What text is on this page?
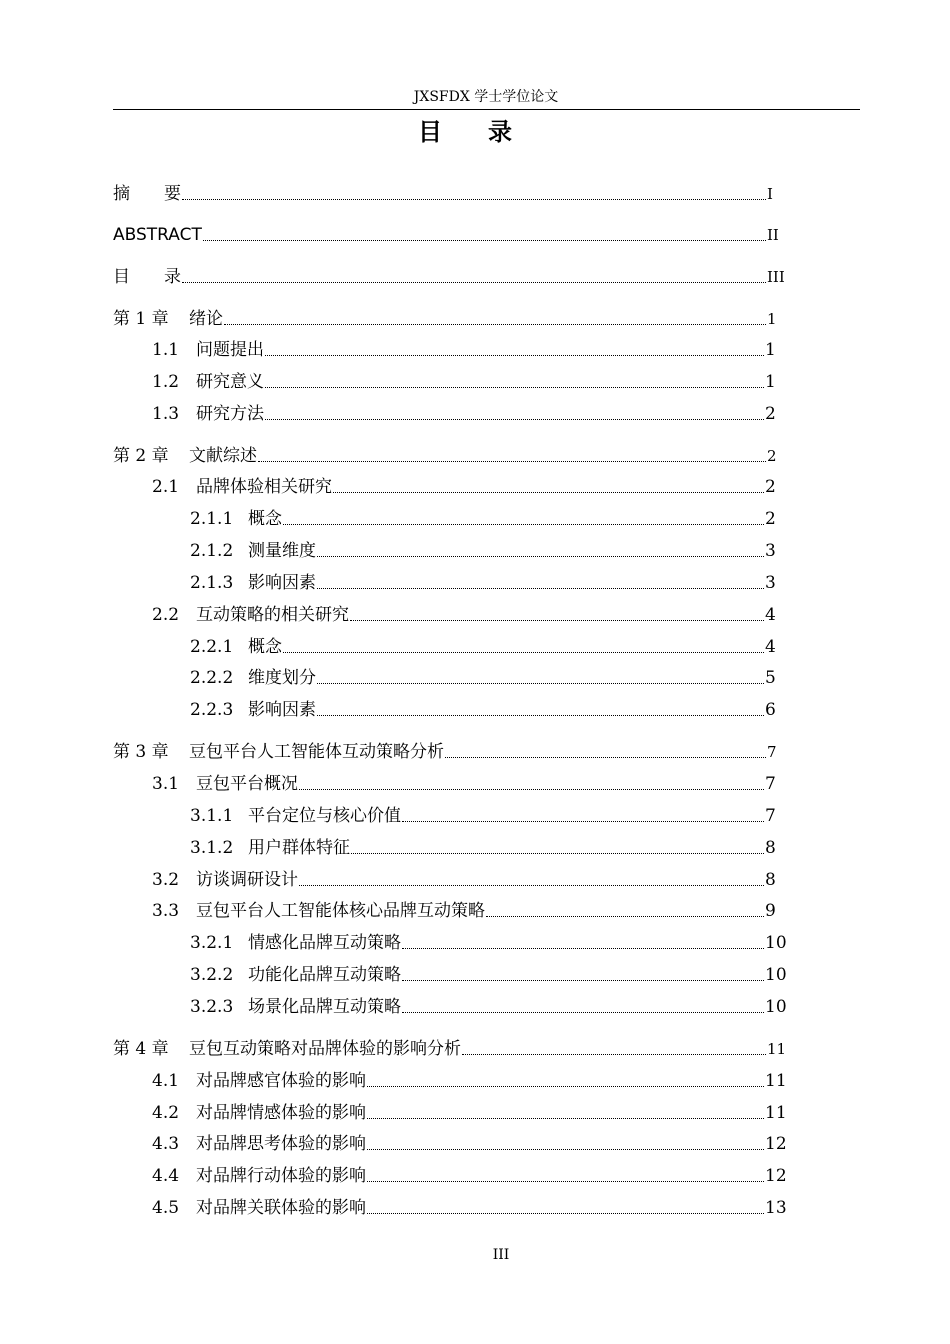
JXSFDX 学士学位论文
目录
摘　　要	I
ABSTRACT	II
目　　录	III
第 1 章	绪论	1
1.1 问题提出	1
1.2 研究意义	1
1.3 研究方法	2
第 2 章	文献综述	2
2.1 品牌体验相关研究	2
2.1.1 概念	2
2.1.2 测量维度	3
2.1.3 影响因素	3
2.2 互动策略的相关研究	4
2.2.1 概念	4
2.2.2 维度划分	5
2.2.3 影响因素	6
第 3 章	豆包平台人工智能体互动策略分析	7
3.1 豆包平台概况	7
3.1.1 平台定位与核心价值	7
3.1.2 用户群体特征	8
3.2 访谈调研设计	8
3.3 豆包平台人工智能体核心品牌互动策略	9
3.2.1 情感化品牌互动策略	10
3.2.2 功能化品牌互动策略	10
3.2.3 场景化品牌互动策略	10
第 4 章	豆包互动策略对品牌体验的影响分析	11
4.1 对品牌感官体验的影响	11
4.2 对品牌情感体验的影响	11
4.3 对品牌思考体验的影响	12
4.4 对品牌行动体验的影响	12
4.5 对品牌关联体验的影响	13
III
